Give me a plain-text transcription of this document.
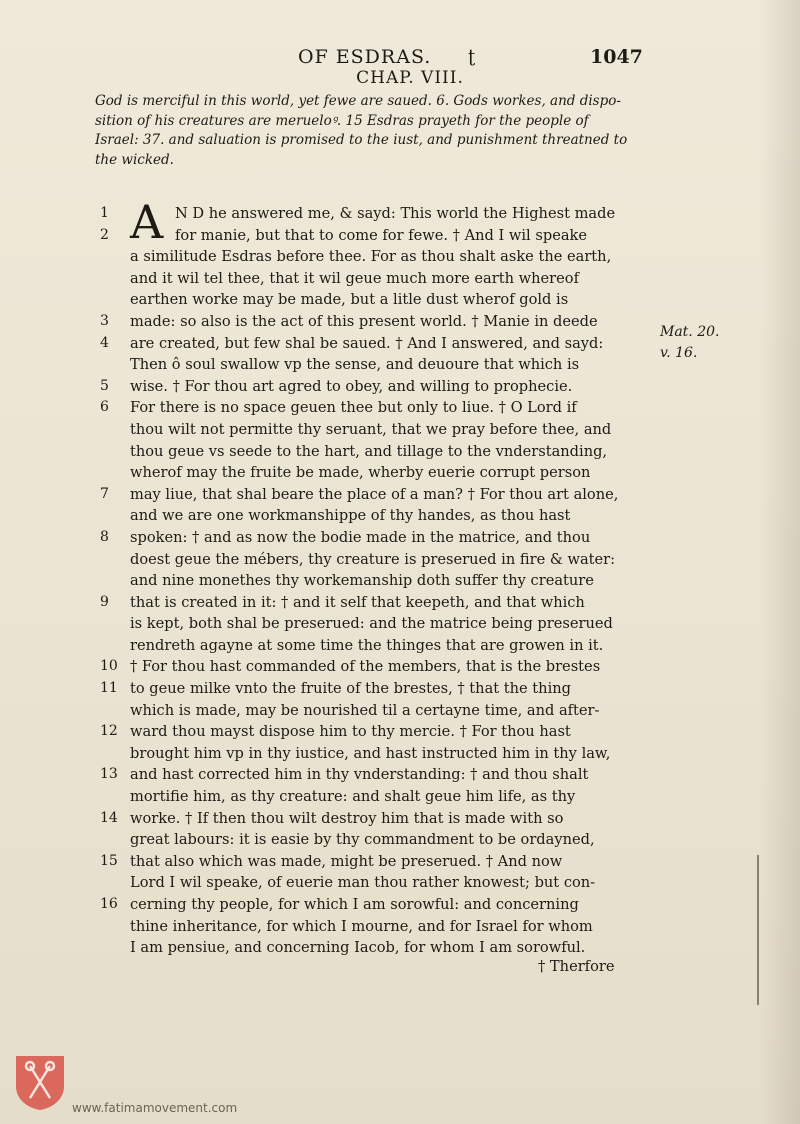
OF ESDRAS. ʈ	1047
CHAP. VIII.
God is merciful in this world, yet fewe are saued. 6. Gods workes, and dispo-
sition of his creatures are merueloꝰ. 15 Esdras prayeth for the people of
Israel: 37. and saluation is promised to the iust, and punishment threatned to
the wicked.
1 A N D he answered me, & sayd: This world the Highest made
2	for manie, but that to come for fewe. † And I wil speake
a similitude Esdras before thee. For as thou shalt aske the earth,
and it wil tel thee, that it wil geue much more earth whereof
earthen worke may be made, but a litle dust wherof gold is
3	made: so also is the act of this present world. † Manie in deede
4	are created, but few shal be saued. † And I answered, and sayd:
Then ô soul swallow vp the sense, and deuoure that which is
5	wise. † For thou art agred to obey, and willing to prophecie.
6	For there is no space geuen thee but only to liue. † O Lord if
thou wilt not permitte thy seruant, that we pray before thee, and
thou geue vs seede to the hart, and tillage to the vnderstanding,
wherof may the fruite be made, wherby euerie corrupt person
7	may liue, that shal beare the place of a man? † For thou art alone,
and we are one workmanshippe of thy handes, as thou hast
8	spoken: † and as now the bodie made in the matrice, and thou
doest geue the mébers, thy creature is preserued in fire & water:
and nine monethes thy workemanship doth suffer thy creature
9	that is created in it: † and it self that keepeth, and that which
is kept, both shal be preserued: and the matrice being preserued
rendreth agayne at some time the thinges that are growen in it.
10 † For thou hast commanded of the members, that is the brestes
11 to geue milke vnto the fruite of the brestes, † that the thing
which is made, may be nourished til a certayne time, and after-
12 ward thou mayst dispose him to thy mercie. † For thou hast
brought him vp in thy iustice, and hast instructed him in thy law,
13 and hast corrected him in thy vnderstanding: † and thou shalt
mortifie him, as thy creature: and shalt geue him life, as thy
14 worke. † If then thou wilt destroy him that is made with so
great labours: it is easie by thy commandment to be ordayned,
15 that also which was made, might be preserued. † And now
Lord I wil speake, of euerie man thou rather knowest; but con-
16 cerning thy people, for which I am sorowful: and concerning
thine inheritance, for which I mourne, and for Israel for whom
I am pensiue, and concerning Iacob, for whom I am sorowful.
Mat. 20.
v. 16.
† Therfore
www.fatimamovement.com
